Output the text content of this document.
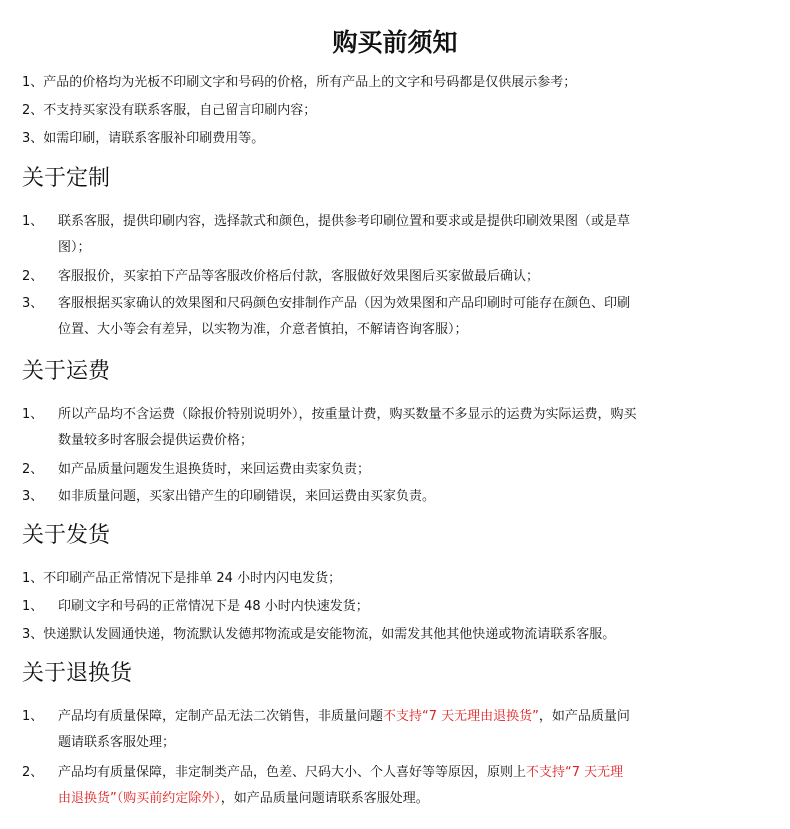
购买前须知

1、产品的价格均为光板不印刷文字和号码的价格，所有产品上的文字和号码都是仅供展示参考；

2、不支持买家没有联系客服，自己留言印刷内容；

3、如需印刷，请联系客服补印刷费用等。

关于定制

1、 联系客服，提供印刷内容，选择款式和颜色，提供参考印刷位置和要求或是提供印刷效果图（或是草

图）；

2、 客服报价，买家拍下产品等客服改价格后付款，客服做好效果图后买家做最后确认；

3、 客服根据买家确认的效果图和尺码颜色安排制作产品（因为效果图和产品印刷时可能存在颜色、印刷

位置、大小等会有差异，以实物为准，介意者慎拍，不解请咨询客服）；

关于运费

1、 所以产品均不含运费（除报价特别说明外），按重量计费，购买数量不多显示的运费为实际运费，购买

数量较多时客服会提供运费价格；

2、 如产品质量问题发生退换货时，来回运费由卖家负责；

3、 如非质量问题，买家出错产生的印刷错误，来回运费由买家负责。

关于发货

1、不印刷产品正常情况下是排单 24 小时内闪电发货；

1、 印刷文字和号码的正常情况下是 48 小时内快速发货；

3、快递默认发圆通快递，物流默认发德邦物流或是安能物流，如需发其他其他快递或物流请联系客服。

关于退换货

1、 产品均有质量保障，定制产品无法二次销售，非质量问题不支持“7 天无理由退换货”，如产品质量问

题请联系客服处理；

2、 产品均有质量保障，非定制类产品，色差、尺码大小、个人喜好等等原因，原则上不支持“7 天无理

由退换货”（购买前约定除外），如产品质量问题请联系客服处理。
